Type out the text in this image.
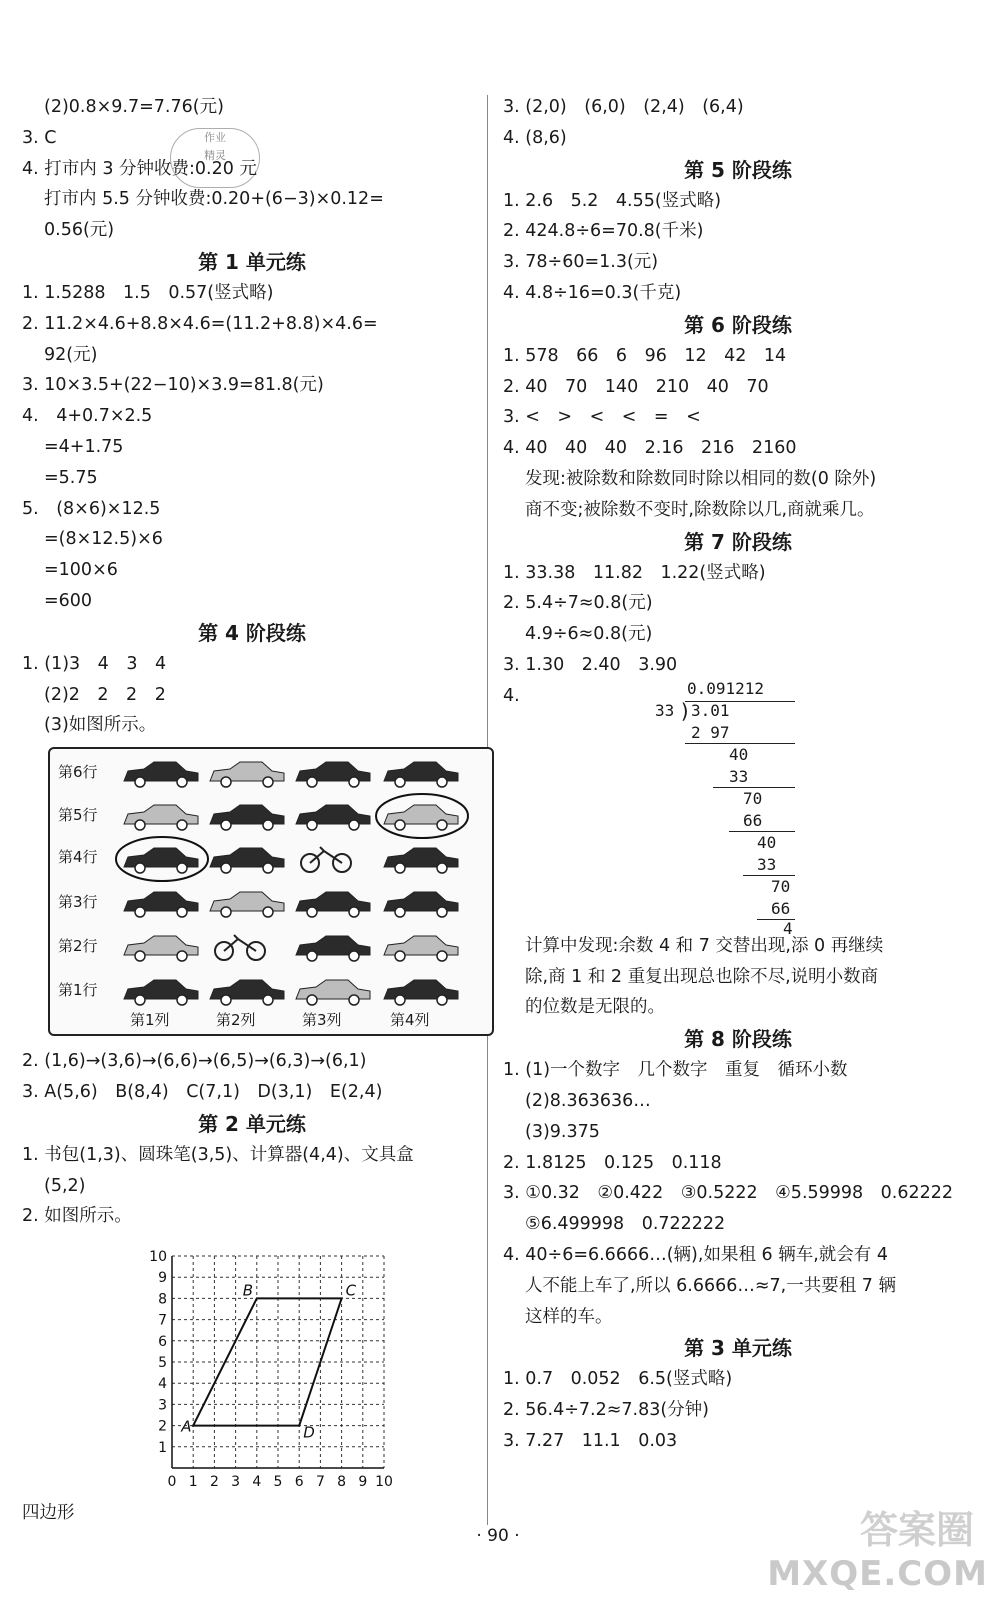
作业
精灵
(2)0.8×9.7=7.76(元)
3. C
4. 打市内 3 分钟收费:0.20 元
打市内 5.5 分钟收费:0.20+(6−3)×0.12=
0.56(元)
第 1 单元练
1. 1.5288　1.5　0.57(竖式略)
2. 11.2×4.6+8.8×4.6=(11.2+8.8)×4.6=
92(元)
3. 10×3.5+(22−10)×3.9=81.8(元)
4.　4+0.7×2.5
=4+1.75
=5.75
5.　(8×6)×12.5
=(8×12.5)×6
=100×6
=600
第 4 阶段练
1. (1)3　4　3　4
(2)2　2　2　2
(3)如图所示。
第6行
第5行
第4行
第3行
第2行
第1行
第1列	第2列	第3列	第4列
2. (1,6)→(3,6)→(6,6)→(6,5)→(6,3)→(6,1)
3. A(5,6)　B(8,4)　C(7,1)　D(3,1)　E(2,4)
第 2 单元练
1. 书包(1,3)、圆珠笔(3,5)、计算器(4,4)、文具盒
(5,2)
2. 如图所示。
0 1 2 3 4 5 6 7 8 9 10
10
9
8
7
6
5
4
3
2
1
A
B	C
D
四边形
3. (2,0)　(6,0)　(2,4)　(6,4)
4. (8,6)
第 5 阶段练
1. 2.6　5.2　4.55(竖式略)
2. 424.8÷6=70.8(千米)
3. 78÷60=1.3(元)
4. 4.8÷16=0.3(千克)
第 6 阶段练
1. 578　66　6　96　12　42　14
2. 40　70　140　210　40　70
3. <　>　<　<　=　<
4. 40　40　40　2.16　216　2160
发现:被除数和除数同时除以相同的数(0 除外)
商不变;被除数不变时,除数除以几,商就乘几。
第 7 阶段练
1. 33.38　11.82　1.22(竖式略)
2. 5.4÷7≈0.8(元)
4.9÷6≈0.8(元)
3. 1.30　2.40　3.90
4.	0.091212
33 ) 3.01
2 97
40
33
70
66
40
33
70
66
4
计算中发现:余数 4 和 7 交替出现,添 0 再继续
除,商 1 和 2 重复出现总也除不尽,说明小数商
的位数是无限的。
第 8 阶段练
1. (1)一个数字　几个数字　重复　循环小数
(2)8.363636…
(3)9.375
2. 1.8125　0.125　0.118
3. ①0.32　②0.422　③0.5222　④5.59998　0.62222
⑤6.499998　0.722222
4. 40÷6=6.6666…(辆),如果租 6 辆车,就会有 4
人不能上车了,所以 6.6666…≈7,一共要租 7 辆
这样的车。
第 3 单元练
1. 0.7　0.052　6.5(竖式略)
2. 56.4÷7.2≈7.83(分钟)
3. 7.27　11.1　0.03
· 90 ·	答案圈
MXQE.COM
